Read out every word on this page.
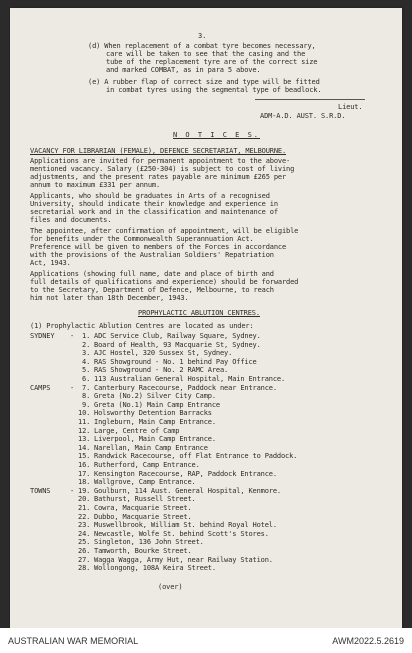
3.
(d) When replacement of a combat tyre becomes necessary,
care will be taken to see that the casing and the
tube of the replacement tyre are of the correct size
and marked COMBAT, as in para 5 above.
(e) A rubber flap of correct size and type will be fitted
in combat tyres using the segmental type of beadlock.
Lieut.
ADM-A.D. AUST. S.R.D.
N O T I C E S.
VACANCY FOR LIBRARIAN (FEMALE), DEFENCE SECRETARIAT, MELBOURNE.
Applications are invited for permanent appointment to the above-
mentioned vacancy. Salary (£250-304) is subject to cost of living
adjustments, and the present rates payable are minimum £265 per
annum to maximum £331 per annum.
Applicants, who should be graduates in Arts of a recognised
University, should indicate their knowledge and experience in
secretarial work and in the classification and maintenance of
files and documents.
The appointee, after confirmation of appointment, will be eligible
for benefits under the Commonwealth Superannuation Act.
Preference will be given to members of the Forces in accordance
with the provisions of the Australian Soldiers' Repatriation
Act, 1943.
Applications (showing full name, date and place of birth and
full details of qualifications and experience) should be forwarded
to the Secretary, Department of Defence, Melbourne, to reach
him not later than 18th December, 1943.
PROPHYLACTIC ABLUTION CENTRES.
(1) Prophylactic Ablution Centres are located as under:
SYDNEY - 1. ADC Service Club, Railway Square, Sydney.
2. Board of Health, 93 Macquarie St, Sydney.
3. AJC Hostel, 320 Sussex St, Sydney.
4. RAS Showground - No. 1 behind Pay Office
5. RAS Showground - No. 2 RAMC Area.
6. 113 Australian General Hospital, Main Entrance.
CAMPS	- 7. Canterbury Racecourse, Paddock near Entrance.
8. Greta (No.2) Silver City Camp.
9. Greta (No.1) Main Camp Entrance
10. Holsworthy Detention Barracks
11. Ingleburn, Main Camp Entrance.
12. Large, Centre of Camp
13. Liverpool, Main Camp Entrance.
14. Narellan, Main Camp Entrance
15. Randwick Racecourse, off Flat Entrance to Paddock.
16. Rutherford, Camp Entrance.
17. Kensington Racecourse, RAP, Paddock Entrance.
18. Wallgrove, Camp Entrance.
TOWNS	- 19. Goulburn, 114 Aust. General Hospital, Kenmore.
20. Bathurst, Russell Street.
21. Cowra, Macquarie Street.
22. Dubbo, Macquarie Street.
23. Muswellbrook, William St. behind Royal Hotel.
24. Newcastle, Wolfe St. behind Scott's Stores.
25. Singleton, 136 John Street.
26. Tamworth, Bourke Street.
27. Wagga Wagga, Army Hut, near Railway Station.
28. Wollongong, 108A Keira Street.
(over)
AUSTRALIAN WAR MEMORIAL	AWM2022.5.2619
